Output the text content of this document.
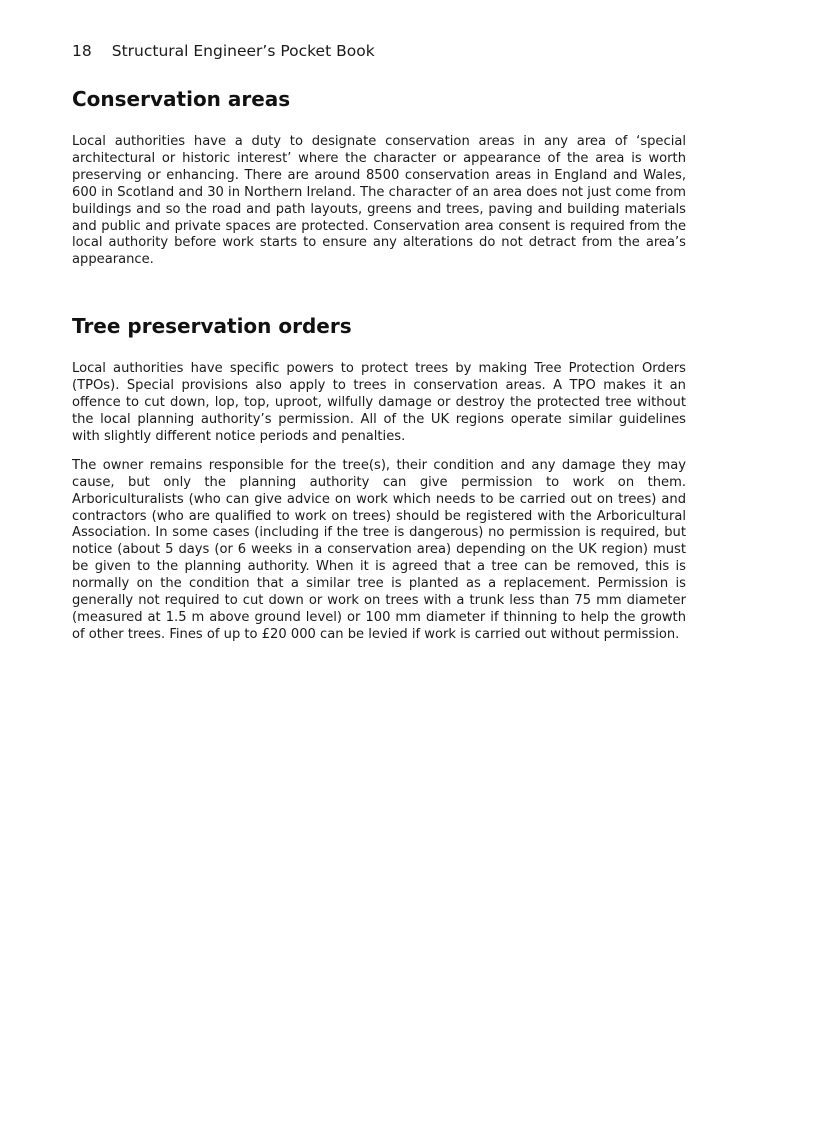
18 Structural Engineer’s Pocket Book
Conservation areas

Local authorities have a duty to designate conservation areas in any area of ‘special architectural or historic interest’ where the character or appearance of the area is worth preserving or enhancing. There are around 8500 conservation areas in England and Wales, 600 in Scotland and 30 in Northern Ireland. The character of an area does not just come from buildings and so the road and path layouts, greens and trees, paving and building materials and public and private spaces are protected. Conservation area consent is required from the local authority before work starts to ensure any alterations do not detract from the area’s appearance.

Tree preservation orders

Local authorities have specific powers to protect trees by making Tree Protection Orders (TPOs). Special provisions also apply to trees in conservation areas. A TPO makes it an offence to cut down, lop, top, uproot, wilfully damage or destroy the protected tree without the local planning authority’s permission. All of the UK regions operate similar guidelines with slightly different notice periods and penalties.

The owner remains responsible for the tree(s), their condition and any damage they may cause, but only the planning authority can give permission to work on them. Arboriculturalists (who can give advice on work which needs to be carried out on trees) and contractors (who are qualified to work on trees) should be registered with the Arboricultural Association. In some cases (including if the tree is dangerous) no permission is required, but notice (about 5 days (or 6 weeks in a conservation area) depending on the UK region) must be given to the planning authority. When it is agreed that a tree can be removed, this is normally on the condition that a similar tree is planted as a replacement. Permission is generally not required to cut down or work on trees with a trunk less than 75 mm diameter (measured at 1.5 m above ground level) or 100 mm diameter if thinning to help the growth of other trees. Fines of up to £20 000 can be levied if work is carried out without permission.
